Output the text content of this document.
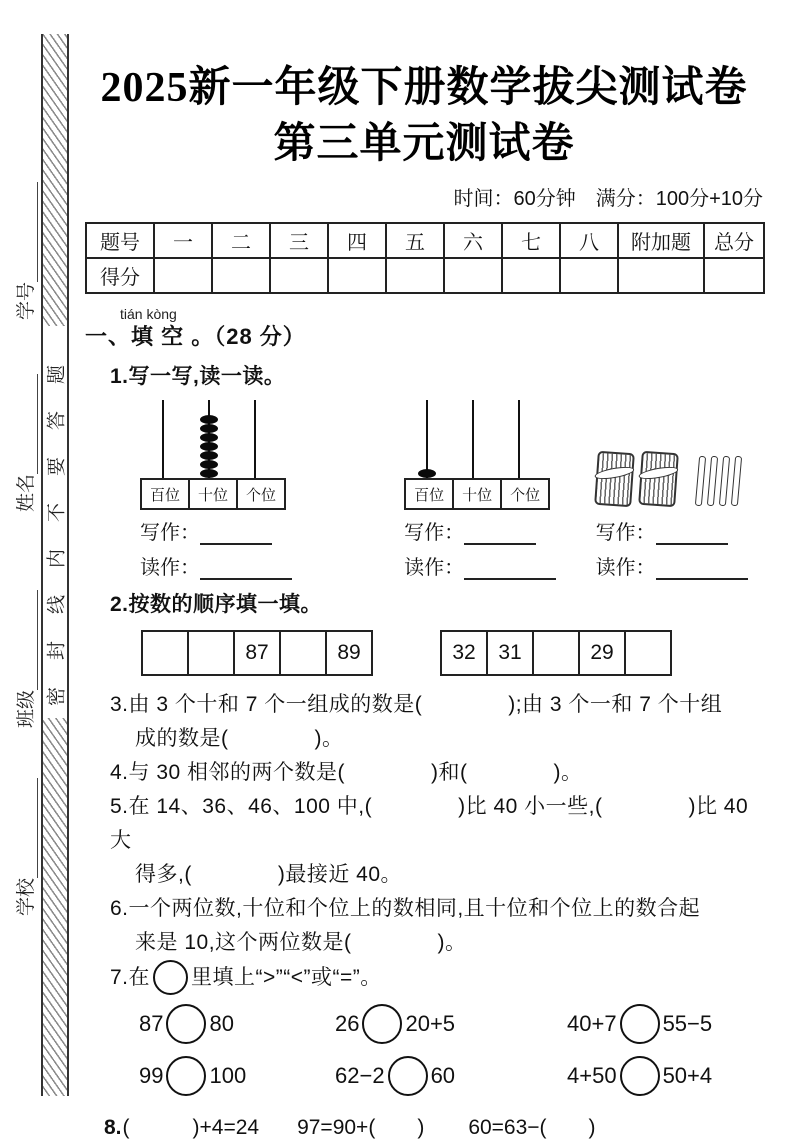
密封线内不要答题
学号
姓名
班级
学校
2025新一年级下册数学拔尖测试卷
第三单元测试卷
时间：60分钟　满分：100分+10分
题号	一	二	三	四	五	六	七	八	附加题	总分
得分										
tián kòng
一、填 空 。（28 分）
1.写一写,读一读。
百位	十位	个位
写作：
读作：
百位	十位	个位
写作：
读作：
写作：
读作：
2.按数的顺序填一填。
87	89	32	31	29
3.由 3 个十和 7 个一组成的数是(　　　　);由 3 个一和 7 个十组
成的数是(　　　　)。
4.与 30 相邻的两个数是(　　　　)和(　　　　)。
5.在 14、36、46、100 中,(　　　　)比 40 小一些,(　　　　)比 40 大
得多,(　　　　)最接近 40。
6.一个两位数,十位和个位上的数相同,且十位和个位上的数合起
来是 10,这个两位数是(　　　　)。
7.在 里填上“>”“<”或“=”。
87 80	26 20+5	40+7 55−5
99 100	62−2 60	4+50 50+4
8. (　　　)+4=24 97=90+(　　) 60=63−(　　)
